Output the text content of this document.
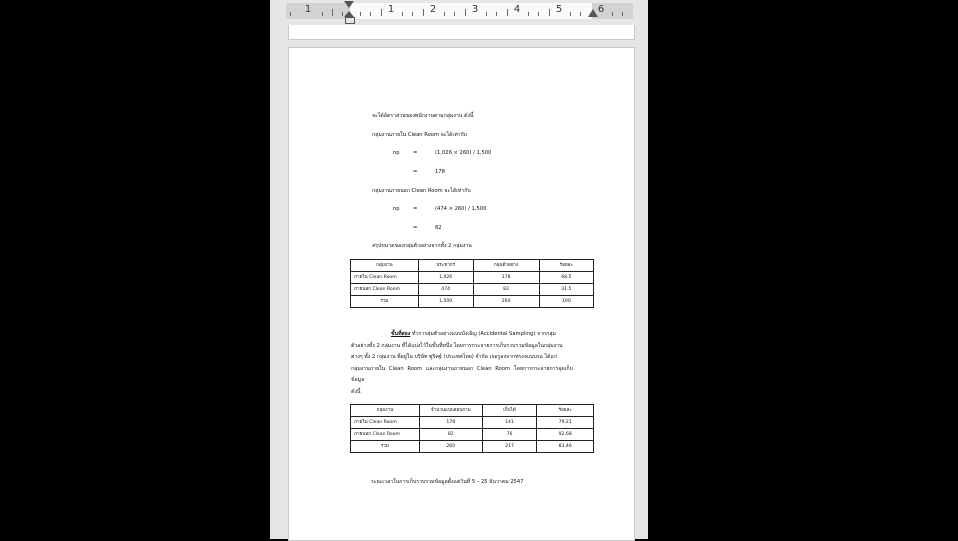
1	1	2	3	4	5	6
จะได้อัตราส่วนของพนักงานตามกลุ่มงาน ดังนี้
กลุ่มงานภายใน Clean Room จะได้เท่ากับ
np	=	(1,026 × 260) / 1,500
=	178
กลุ่มงานภายนอก Clean Room จะได้เท่ากับ
np	=	(474 × 260) / 1,500
=	82
สรุปขนาดของกลุ่มตัวอย่างจากทั้ง 2 กลุ่มงาน
กลุ่มงาน	ประชากร	กลุ่มตัวอย่าง	ร้อยละ
ภายใน Clean Room	1,026	178	68.5
ภายนอก Clean Room	474	82	31.5
รวม	1,500	260	100
ขั้นที่สอง ทำการสุ่มตัวอย่างแบบบังเอิญ (Accidental Sampling) จากกลุ่ม
ตัวอย่างทั้ง 2 กลุ่มงาน ที่ได้แบ่งไว้ในขั้นที่หนึ่ง โดยการกระจายการเก็บรวบรวมข้อมูลในกลุ่มงาน
ต่างๆ ทั้ง 2 กลุ่มงาน ที่อยู่ใน บริษัท ซูริคฐ์ (ประเทศไทย) จำกัด เจอรูลงจากทรงจแบบรแ ได้แก่
กลุ่มงานภายใน Clean Room และกลุ่มงานภายนอก Clean Room โดยการกระจายการจุดเก็บข้อมูล
ดังนี้
กลุ่มงาน	จำนวนแบบสอบถาม	เก็บได้	ร้อยละ
ภายใน Clean Room	178	141	79.21
ภายนอก Clean Room	82	76	92.68
รวม	260	217	83.46
ระยะเวลาในการเก็บรวบรวมข้อมูลตั้งแต่วันที่ 5 – 25 ธันวาคม 2547
